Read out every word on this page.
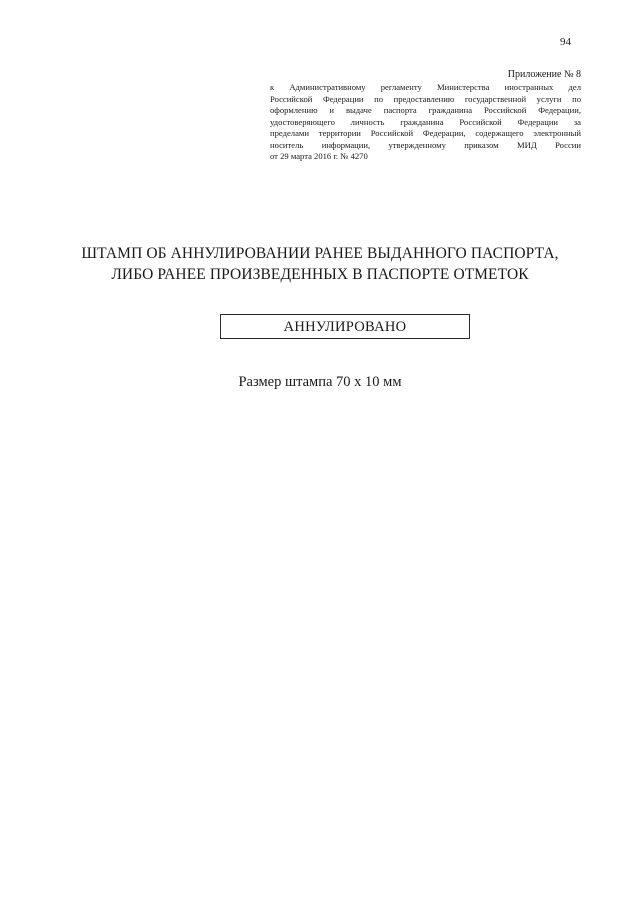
94
Приложение № 8
к Административному регламенту Министерства иностранных дел
Российской Федерации по предоставлению государственной услуги по
оформлению и выдаче паспорта гражданина Российской Федерации,
удостоверяющего личность гражданина Российской Федерации за
пределами территории Российской Федерации, содержащего электронный
носитель информации, утвержденному приказом МИД России
от 29 марта 2016 г. № 4270
ШТАМП ОБ АННУЛИРОВАНИИ РАНЕЕ ВЫДАННОГО ПАСПОРТА,
ЛИБО РАНЕЕ ПРОИЗВЕДЕННЫХ В ПАСПОРТЕ ОТМЕТОК
АННУЛИРОВАНО
Размер штампа 70 х 10 мм
